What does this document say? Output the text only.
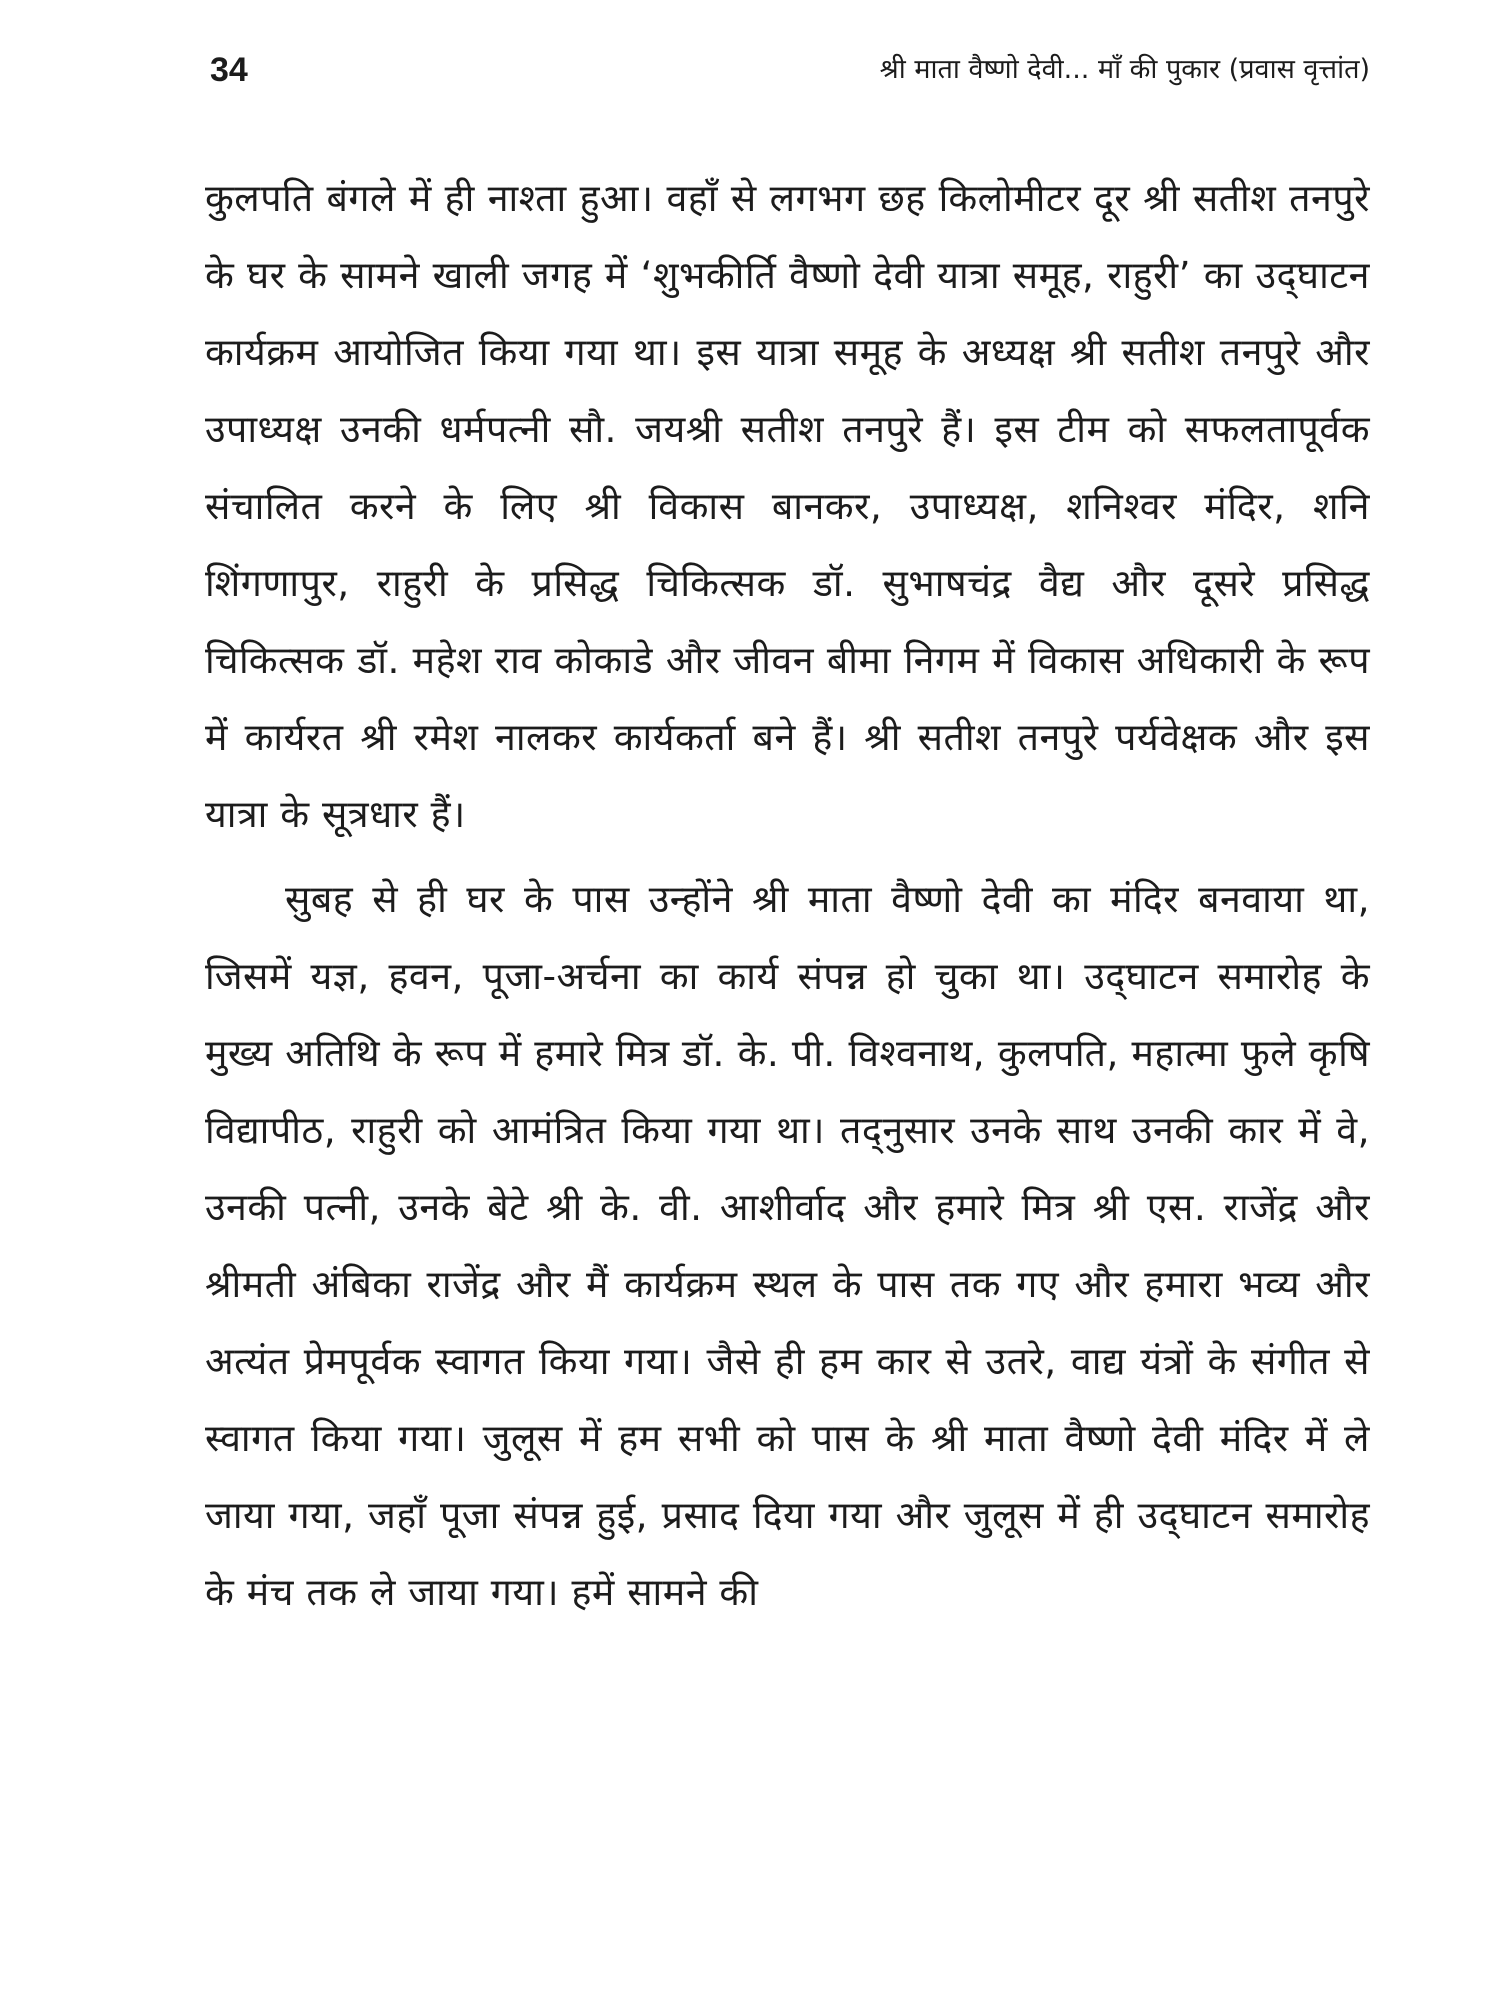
34	श्री माता वैष्णो देवी... माँ की पुकार (प्रवास वृत्तांत)

कुलपति बंगले में ही नाश्ता हुआ। वहाँ से लगभग छह किलोमीटर दूर श्री सतीश तनपुरे के घर के सामने खाली जगह में ‘शुभकीर्ति वैष्णो देवी यात्रा समूह, राहुरी’ का उद्‌घाटन कार्यक्रम आयोजित किया गया था। इस यात्रा समूह के अध्यक्ष श्री सतीश तनपुरे और उपाध्यक्ष उनकी धर्मपत्नी सौ. जयश्री सतीश तनपुरे हैं। इस टीम को सफलतापूर्वक संचालित करने के लिए श्री विकास बानकर, उपाध्यक्ष, शनिश्वर मंदिर, शनि शिंगणापुर, राहुरी के प्रसिद्ध चिकित्सक डॉ. सुभाषचंद्र वैद्य और दूसरे प्रसिद्ध चिकित्सक डॉ. महेश राव कोकाडे और जीवन बीमा निगम में विकास अधिकारी के रूप में कार्यरत श्री रमेश नालकर कार्यकर्ता बने हैं। श्री सतीश तनपुरे पर्यवेक्षक और इस यात्रा के सूत्रधार हैं।

सुबह से ही घर के पास उन्होंने श्री माता वैष्णो देवी का मंदिर बनवाया था, जिसमें यज्ञ, हवन, पूजा-अर्चना का कार्य संपन्न हो चुका था। उद्‌घाटन समारोह के मुख्य अतिथि के रूप में हमारे मित्र डॉ. के. पी. विश्वनाथ, कुलपति, महात्मा फुले कृषि विद्यापीठ, राहुरी को आमंत्रित किया गया था। तद्‌नुसार उनके साथ उनकी कार में वे, उनकी पत्नी, उनके बेटे श्री के. वी. आशीर्वाद और हमारे मित्र श्री एस. राजेंद्र और श्रीमती अंबिका राजेंद्र और मैं कार्यक्रम स्थल के पास तक गए और हमारा भव्य और अत्यंत प्रेमपूर्वक स्वागत किया गया। जैसे ही हम कार से उतरे, वाद्य यंत्रों के संगीत से स्वागत किया गया। जुलूस में हम सभी को पास के श्री माता वैष्णो देवी मंदिर में ले जाया गया, जहाँ पूजा संपन्न हुई, प्रसाद दिया गया और जुलूस में ही उद्‌घाटन समारोह के मंच तक ले जाया गया। हमें सामने की
